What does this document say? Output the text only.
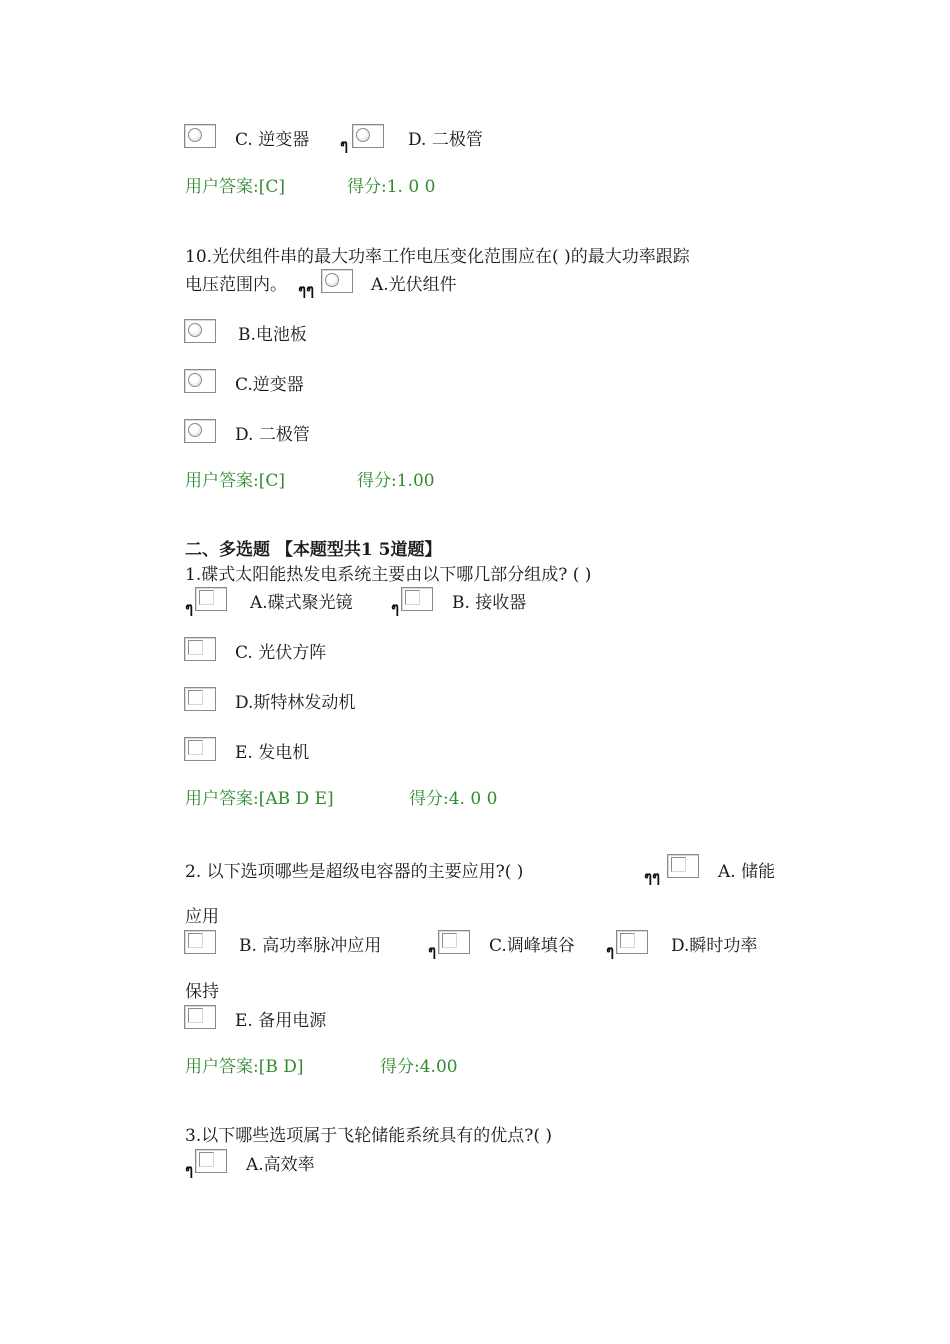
C. 逆变器 ๆ	D. 二极管
用户答案:[C]	得分:1. 0 0
10.光伏组件串的最大功率工作电压变化范围应在( )的最大功率跟踪
电压范围内。 ๆๆ	A.光伏组件
B.电池板
C.逆变器
D. 二极管
用户答案:[C]	得分:1.00
二、多选题 【本题型共1 5道题】
1.碟式太阳能热发电系统主要由以下哪几部分组成? ( )
ๆ	A.碟式聚光镜	ๆ	B. 接收器
C. 光伏方阵
D.斯特林发动机
E. 发电机
用户答案:[AB D E]	得分:4. 0 0
2. 以下选项哪些是超级电容器的主要应用?( )	ๆๆ	A. 储能
应用
B. 高功率脉冲应用	ๆ	C.调峰填谷 ๆ	D.瞬时功率
保持
E. 备用电源
用户答案:[B D]	得分:4.00
3.以下哪些选项属于飞轮储能系统具有的优点?( )
ๆ	A.高效率
